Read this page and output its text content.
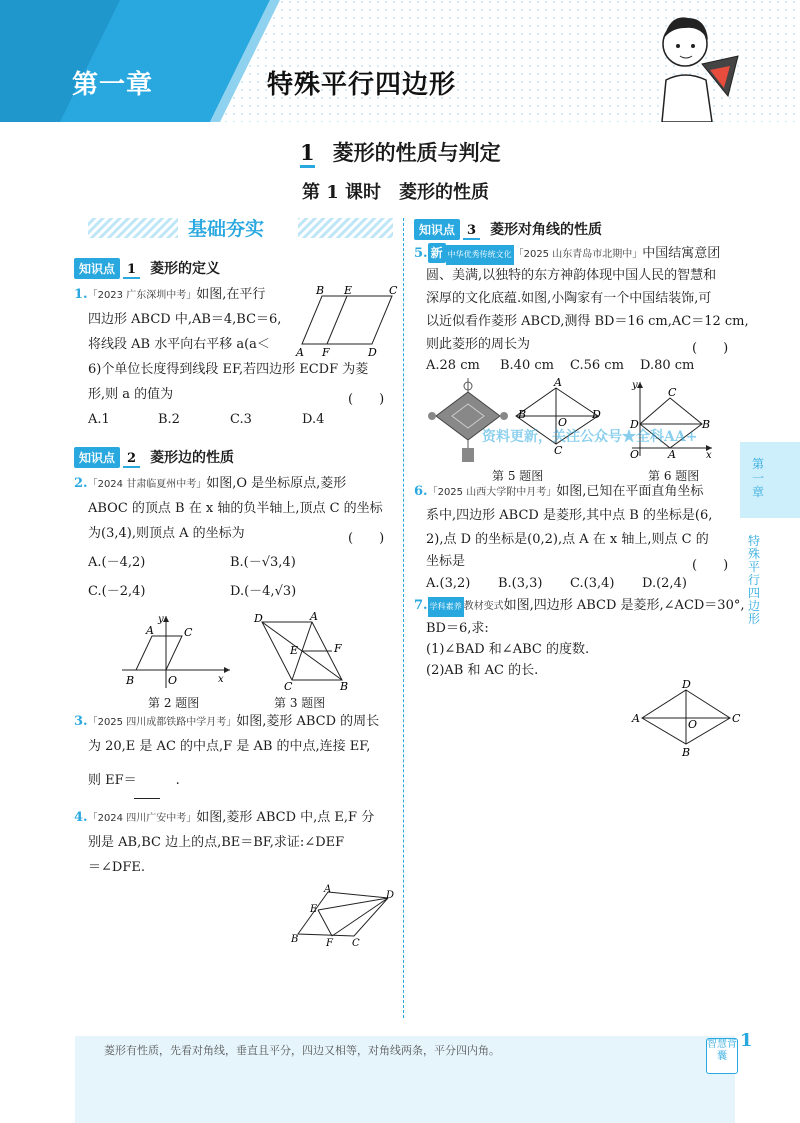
第一章	特殊平行四边形
1 菱形的性质与判定
第 1 课时　菱形的性质
基础夯实
知识点 1 菱形的定义
1.「2023 广东深圳中考」如图,在平行
四边形 ABCD 中,AB＝4,BC＝6,
将线段 AB 水平向右平移 a(a＜
6)个单位长度得到线段 EF,若四边形 ECDF 为菱
形,则 a 的值为	(　　)
A.1	B.2	C.3	D.4
B E	C
A F	D
知识点 2 菱形边的性质
2.「2024 甘肃临夏州中考」如图,O 是坐标原点,菱形
ABOC 的顶点 B 在 x 轴的负半轴上,顶点 C 的坐标
为(3,4),则顶点 A 的坐标为	(　　)
A.(－4,2)	B.(－√3,4)
C.(－2,4)	D.(－4,√3)
y
x
A	C
B	O
第 2 题图
D	A
E	F
C	B
第 3 题图
3.「2025 四川成都铁路中学月考」如图,菱形 ABCD 的周长
为 20,E 是 AC 的中点,F 是 AB 的中点,连接 EF,
则 EF＝　　　.
4.「2024 四川广安中考」如图,菱形 ABCD 中,点 E,F 分
别是 AB,BC 边上的点,BE＝BF,求证:∠DEF
＝∠DFE.
A
D
E
B	F C
知识点 3 菱形对角线的性质
5. 新 中华优秀传统文化 「2025 山东青岛市北期中」中国结寓意团
圆、美满,以独特的东方神韵体现中国人民的智慧和
深厚的文化底蕴.如图,小陶家有一个中国结装饰,可
以近似看作菱形 ABCD,测得 BD＝16 cm,AC＝12 cm,
则此菱形的周长为	(　　)
A.28 cm B.40 cm C.56 cm D.80 cm
A
D
B
O
C
第 5 题图
y
x
C
D	B
O	A
第 6 题图
资料更新，关注公众号★全科AA+
6.「2025 山西大学附中月考」如图,已知在平面直角坐标
系中,四边形 ABCD 是菱形,其中点 B 的坐标是(6,
2),点 D 的坐标是(0,2),点 A 在 x 轴上,则点 C 的
坐标是	(　　)
A.(3,2) B.(3,3) C.(3,4) D.(2,4)
7. 学科素养 教材变式如图,四边形 ABCD 是菱形,∠ACD＝30°,
BD＝6,求:
(1)∠BAD 和∠ABC 的度数.
(2)AB 和 AC 的长.
D
C
A	O
B
第一章
特殊平行四边形
菱形有性质，先看对角线，垂直且平分，四边又相等，对角线两条，平分四内角。	智慧背囊
1
